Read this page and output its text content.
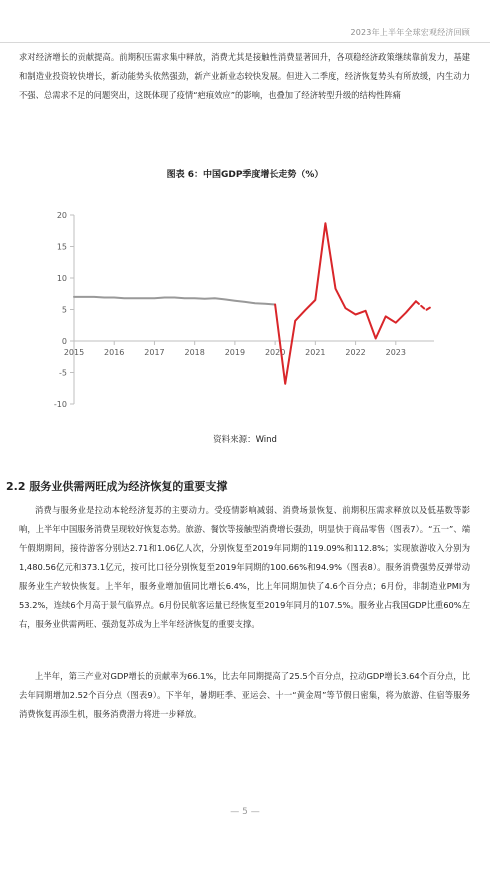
2023年上半年全球宏观经济回顾

求对经济增长的贡献提高。前期积压需求集中释放，消费尤其是接触性消费显著回升，各项稳经济政策继续靠前发力，基建和制造业投资较快增长，新动能势头依然强劲，新产业新业态较快发展。但进入二季度，经济恢复势头有所放缓，内生动力不强、总需求不足的问题突出，这既体现了疫情“疤痕效应”的影响，也叠加了经济转型升级的结构性阵痛

图表 6：中国GDP季度增长走势（%）
20
15
10
5
0
-5
-10
2015 2016 2017 2018 2019 2020 2021 2022 2023
资料来源：Wind
2.2 服务业供需两旺成为经济恢复的重要支撑

消费与服务业是拉动本轮经济复苏的主要动力。受疫情影响减弱、消费场景恢复、前期积压需求释放以及低基数等影响，上半年中国服务消费呈现较好恢复态势。旅游、餐饮等接触型消费增长强劲，明显快于商品零售（图表7）。“五一”、端午假期期间，接待游客分别达2.71和1.06亿人次，分别恢复至2019年同期的119.09%和112.8%；实现旅游收入分别为1,480.56亿元和373.1亿元，按可比口径分别恢复至2019年同期的100.66%和94.9%（图表8）。服务消费强势反弹带动服务业生产较快恢复。上半年，服务业增加值同比增长6.4%，比上年同期加快了4.6个百分点；6月份，非制造业PMI为53.2%，连续6个月高于景气临界点。6月份民航客运量已经恢复至2019年同月的107.5%。服务业占我国GDP比重60%左右，服务业供需两旺、强劲复苏成为上半年经济恢复的重要支撑。

上半年，第三产业对GDP增长的贡献率为66.1%，比去年同期提高了25.5个百分点，拉动GDP增长3.64个百分点，比去年同期增加2.52个百分点（图表9）。下半年，暑期旺季、亚运会、十一“黄金周”等节假日密集，将为旅游、住宿等服务消费恢复再添生机，服务消费潜力将进一步释放。

— 5 —
